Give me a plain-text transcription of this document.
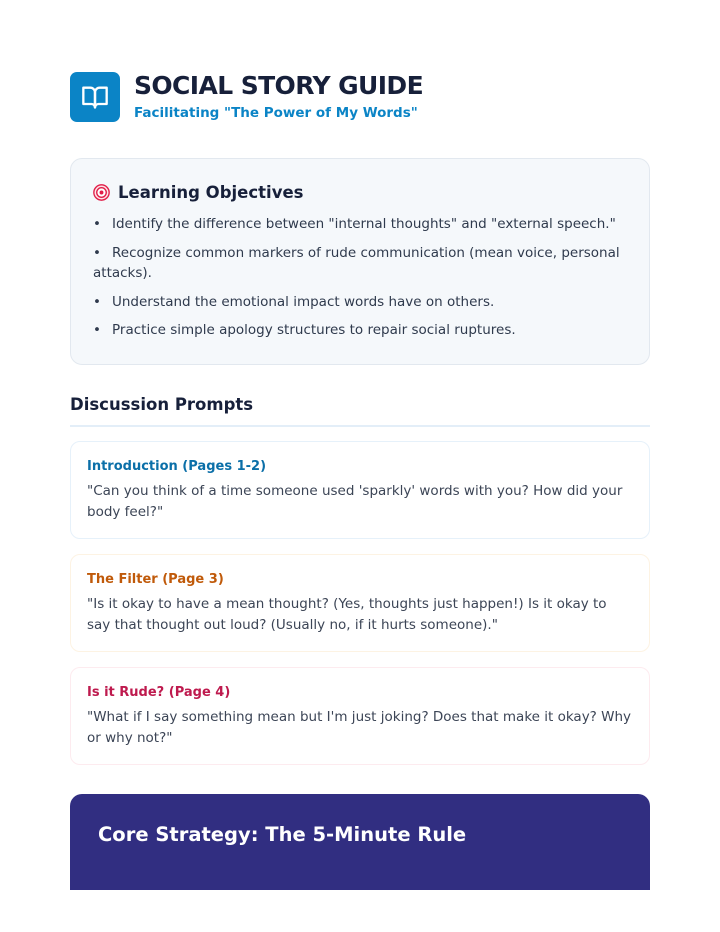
SOCIAL STORY GUIDE
Facilitating "The Power of My Words"
Learning Objectives
• Identify the difference between "internal thoughts" and "external speech."
• Recognize common markers of rude communication (mean voice, personal attacks).
• Understand the emotional impact words have on others.
• Practice simple apology structures to repair social ruptures.
Discussion Prompts
Introduction (Pages 1-2)
"Can you think of a time someone used 'sparkly' words with you? How did your body feel?"
The Filter (Page 3)
"Is it okay to have a mean thought? (Yes, thoughts just happen!) Is it okay to say that thought out loud? (Usually no, if it hurts someone)."
Is it Rude? (Page 4)
"What if I say something mean but I'm just joking? Does that make it okay? Why or why not?"
Core Strategy: The 5-Minute Rule
